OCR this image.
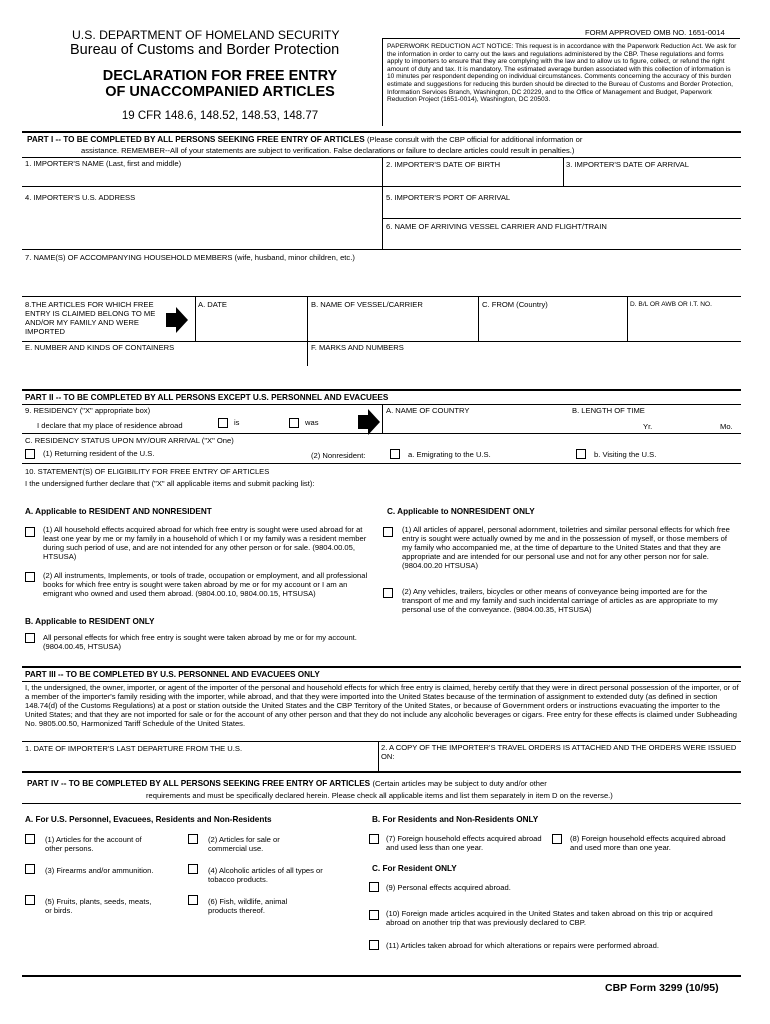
U.S. DEPARTMENT OF HOMELAND SECURITY
Bureau of Customs and Border Protection
FORM APPROVED OMB NO. 1651-0014
DECLARATION FOR FREE ENTRY
OF UNACCOMPANIED ARTICLES
19 CFR 148.6, 148.52, 148.53, 148.77
PAPERWORK REDUCTION ACT NOTICE: This request is in accordance with the Paperwork Reduction Act. We ask for the information in order to carry out the laws and regulations administered by the CBP. These regulations and forms apply to importers to ensure that they are complying with the law and to allow us to figure, collect, or refund the right amount of duty and tax. It is mandatory. The estimated average burden associated with this collection of information is 10 minutes per respondent depending on individual circumstances. Comments concerning the accuracy of this burden estimate and suggestions for reducing this burden should be directed to the Bureau of Customs and Border Protection, Information Services Branch, Washington, DC 20229, and to the Office of Management and Budget, Paperwork Reduction Project (1651-0014), Washington, DC 20503.
PART I -- TO BE COMPLETED BY ALL PERSONS SEEKING FREE ENTRY OF ARTICLES (Please consult with the CBP official for additional information or
assistance. REMEMBER--All of your statements are subject to verification. False declarations or failure to declare articles could result in penalties.)
1. IMPORTER'S NAME (Last, first and middle)	2. IMPORTER'S DATE OF BIRTH	3. IMPORTER'S DATE OF ARRIVAL
4. IMPORTER'S U.S. ADDRESS	5. IMPORTER'S PORT OF ARRIVAL
6. NAME OF ARRIVING VESSEL CARRIER AND FLIGHT/TRAIN
7. NAME(S) OF ACCOMPANYING HOUSEHOLD MEMBERS (wife, husband, minor children, etc.)
8.THE ARTICLES FOR WHICH FREE ENTRY IS CLAIMED BELONG TO ME AND/OR MY FAMILY AND WERE IMPORTED
A. DATE	B. NAME OF VESSEL/CARRIER	C. FROM (Country)	D. B/L OR AWB OR I.T. NO.
E. NUMBER AND KINDS OF CONTAINERS	F. MARKS AND NUMBERS
PART II -- TO BE COMPLETED BY ALL PERSONS EXCEPT U.S. PERSONNEL AND EVACUEES
9. RESIDENCY ("X" appropriate box)
I declare that my place of residence abroad	is	was
A. NAME OF COUNTRY	B. LENGTH OF TIME
Yr.	Mo.
C. RESIDENCY STATUS UPON MY/OUR ARRIVAL ("X" One)
(1) Returning resident of the U.S.	(2) Nonresident:	a. Emigrating to the U.S.	b. Visiting the U.S.
10. STATEMENT(S) OF ELIGIBILITY FOR FREE ENTRY OF ARTICLES
I the undersigned further declare that ("X" all applicable items and submit packing list):
A. Applicable to RESIDENT AND NONRESIDENT
(1) All household effects acquired abroad for which free entry is sought were used abroad for at least one year by me or my family in a household of which I or my family was a resident member during such period of use, and are not intended for any other person or for sale. (9804.00.05, HTSUSA)
(2) All instruments, Implements, or tools of trade, occupation or employment, and all professional books for which free entry is sought were taken abroad by me or for my account or I am an emigrant who owned and used them abroad. (9804.00.10, 9804.00.15, HTSUSA)
B. Applicable to RESIDENT ONLY
All personal effects for which free entry is sought were taken abroad by me or for my account. (9804.00.45, HTSUSA)
C. Applicable to NONRESIDENT ONLY
(1) All articles of apparel, personal adornment, toiletries and similar personal effects for which free entry is sought were actually owned by me and in the possession of myself, or those members of my family who accompanied me, at the time of departure to the United States and that they are appropriate and are intended for our personal use and not for any other person nor for sale. (9804.00.20 HTSUSA)
(2) Any vehicles, trailers, bicycles or other means of conveyance being imported are for the transport of me and my family and such incidental carriage of articles as are appropriate to my personal use of the conveyance. (9804.00.35, HTSUSA)
PART III -- TO BE COMPLETED BY U.S. PERSONNEL AND EVACUEES ONLY
I, the undersigned, the owner, importer, or agent of the importer of the personal and household effects for which free entry is claimed, hereby certify that they were in direct personal possession of the importer, or of a member of the importer's family residing with the importer, while abroad, and that they were imported into the United States because of the termination of assignment to extended duty (as defined in section 148.74(d) of the Customs Regulations) at a post or station outside the United States and the CBP Territory of the United States, or because of Government orders or instructions evacuating the importer to the United States; and that they are not imported for sale or for the account of any other person and that they do not include any alcoholic beverages or cigars. Free entry for these effects is claimed under Subheading No. 9805.00.50, Harmonized Tariff Schedule of the United States.
1. DATE OF IMPORTER'S LAST DEPARTURE FROM THE U.S.	2. A COPY OF THE IMPORTER'S TRAVEL ORDERS IS ATTACHED AND THE ORDERS WERE ISSUED ON:
PART IV -- TO BE COMPLETED BY ALL PERSONS SEEKING FREE ENTRY OF ARTICLES (Certain articles may be subject to duty and/or other
requirements and must be specifically declared herein. Please check all applicable items and list them separately in item D on the reverse.)
A. For U.S. Personnel, Evacuees, Residents and Non-Residents
(1) Articles for the account of other persons.
(2) Articles for sale or commercial use.
(3) Firearms and/or ammunition.	(4) Alcoholic articles of all types or tobacco products.
(5) Fruits, plants, seeds, meats, or birds.
(6) Fish, wildlife, animal products thereof.
B. For Residents and Non-Residents ONLY
(7) Foreign household effects acquired abroad and used less than one year.
(8) Foreign household effects acquired abroad and used more than one year.
C. For Resident ONLY
(9) Personal effects acquired abroad.
(10) Foreign made articles acquired in the United States and taken abroad on this trip or acquired abroad on another trip that was previously declared to CBP.
(11) Articles taken abroad for which alterations or repairs were performed abroad.
CBP Form 3299 (10/95)
